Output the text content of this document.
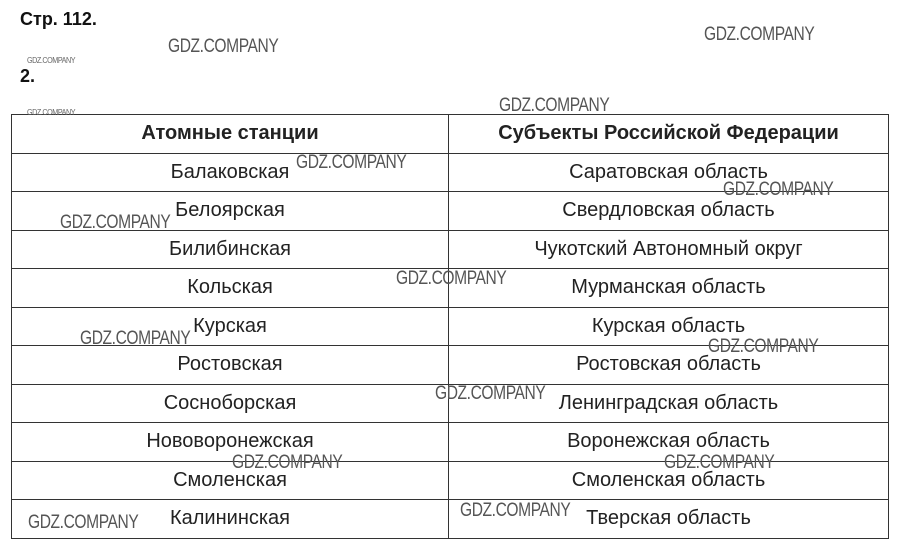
Стр. 112.
2.
Атомные станции	Субъекты Российской Федерации
Балаковская	Саратовская область
Белоярская	Свердловская область
Билибинская	Чукотский Автономный округ
Кольская	Мурманская область
Курская	Курская область
Ростовская	Ростовская область
Сосноборская	Ленинградская область
Нововоронежская	Воронежская область
Смоленская	Смоленская область
Калининская	Тверская область
GDZ.COMPANY
GDZ.COMPANY
GDZ.COMPANY
GDZ.COMPANY	GDZ.COMPANY
GDZ.COMPANY
GDZ.COMPANY
GDZ.COMPANY
GDZ.COMPANY
GDZ.COMPANY	GDZ.COMPANY
GDZ.COMPANY
GDZ.COMPANY	GDZ.COMPANY
GDZ.COMPANY
GDZ.COMPANY
